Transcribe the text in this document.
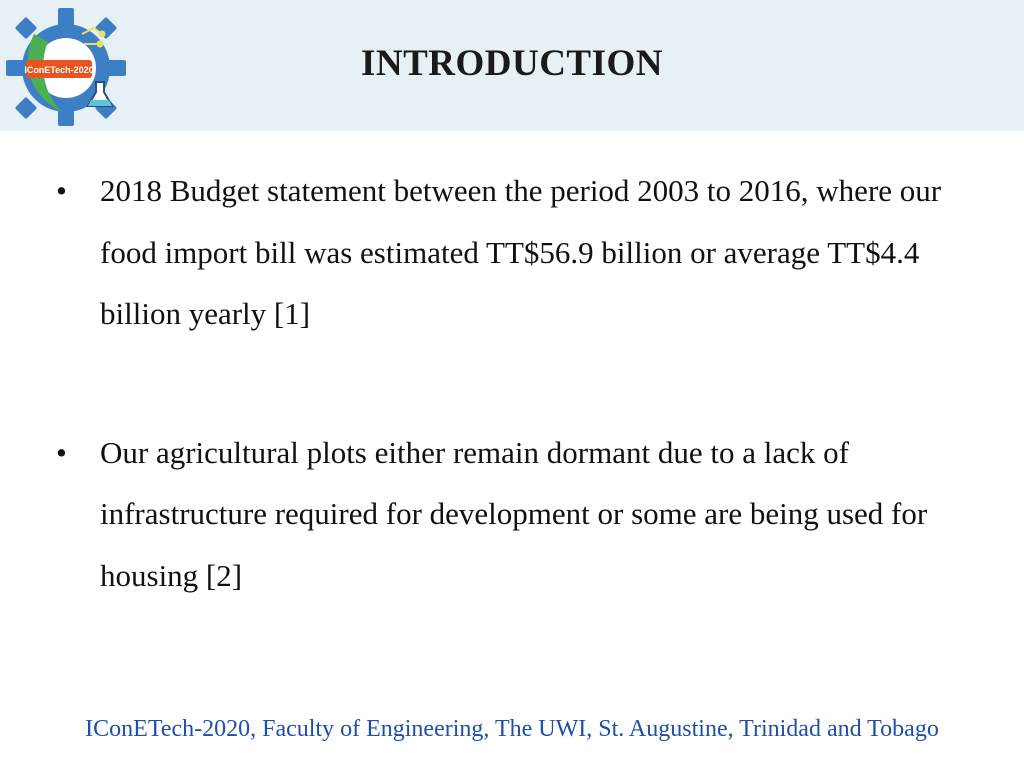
IConETech-2020	INTRODUCTION
•	2018 Budget statement between the period 2003 to 2016, where our food import bill was estimated TT$56.9 billion or average TT$4.4 billion yearly [1]
•	Our agricultural plots either remain dormant due to a lack of infrastructure required for development or some are being used for housing [2]
IConETech-2020, Faculty of Engineering, The UWI, St. Augustine, Trinidad and Tobago
